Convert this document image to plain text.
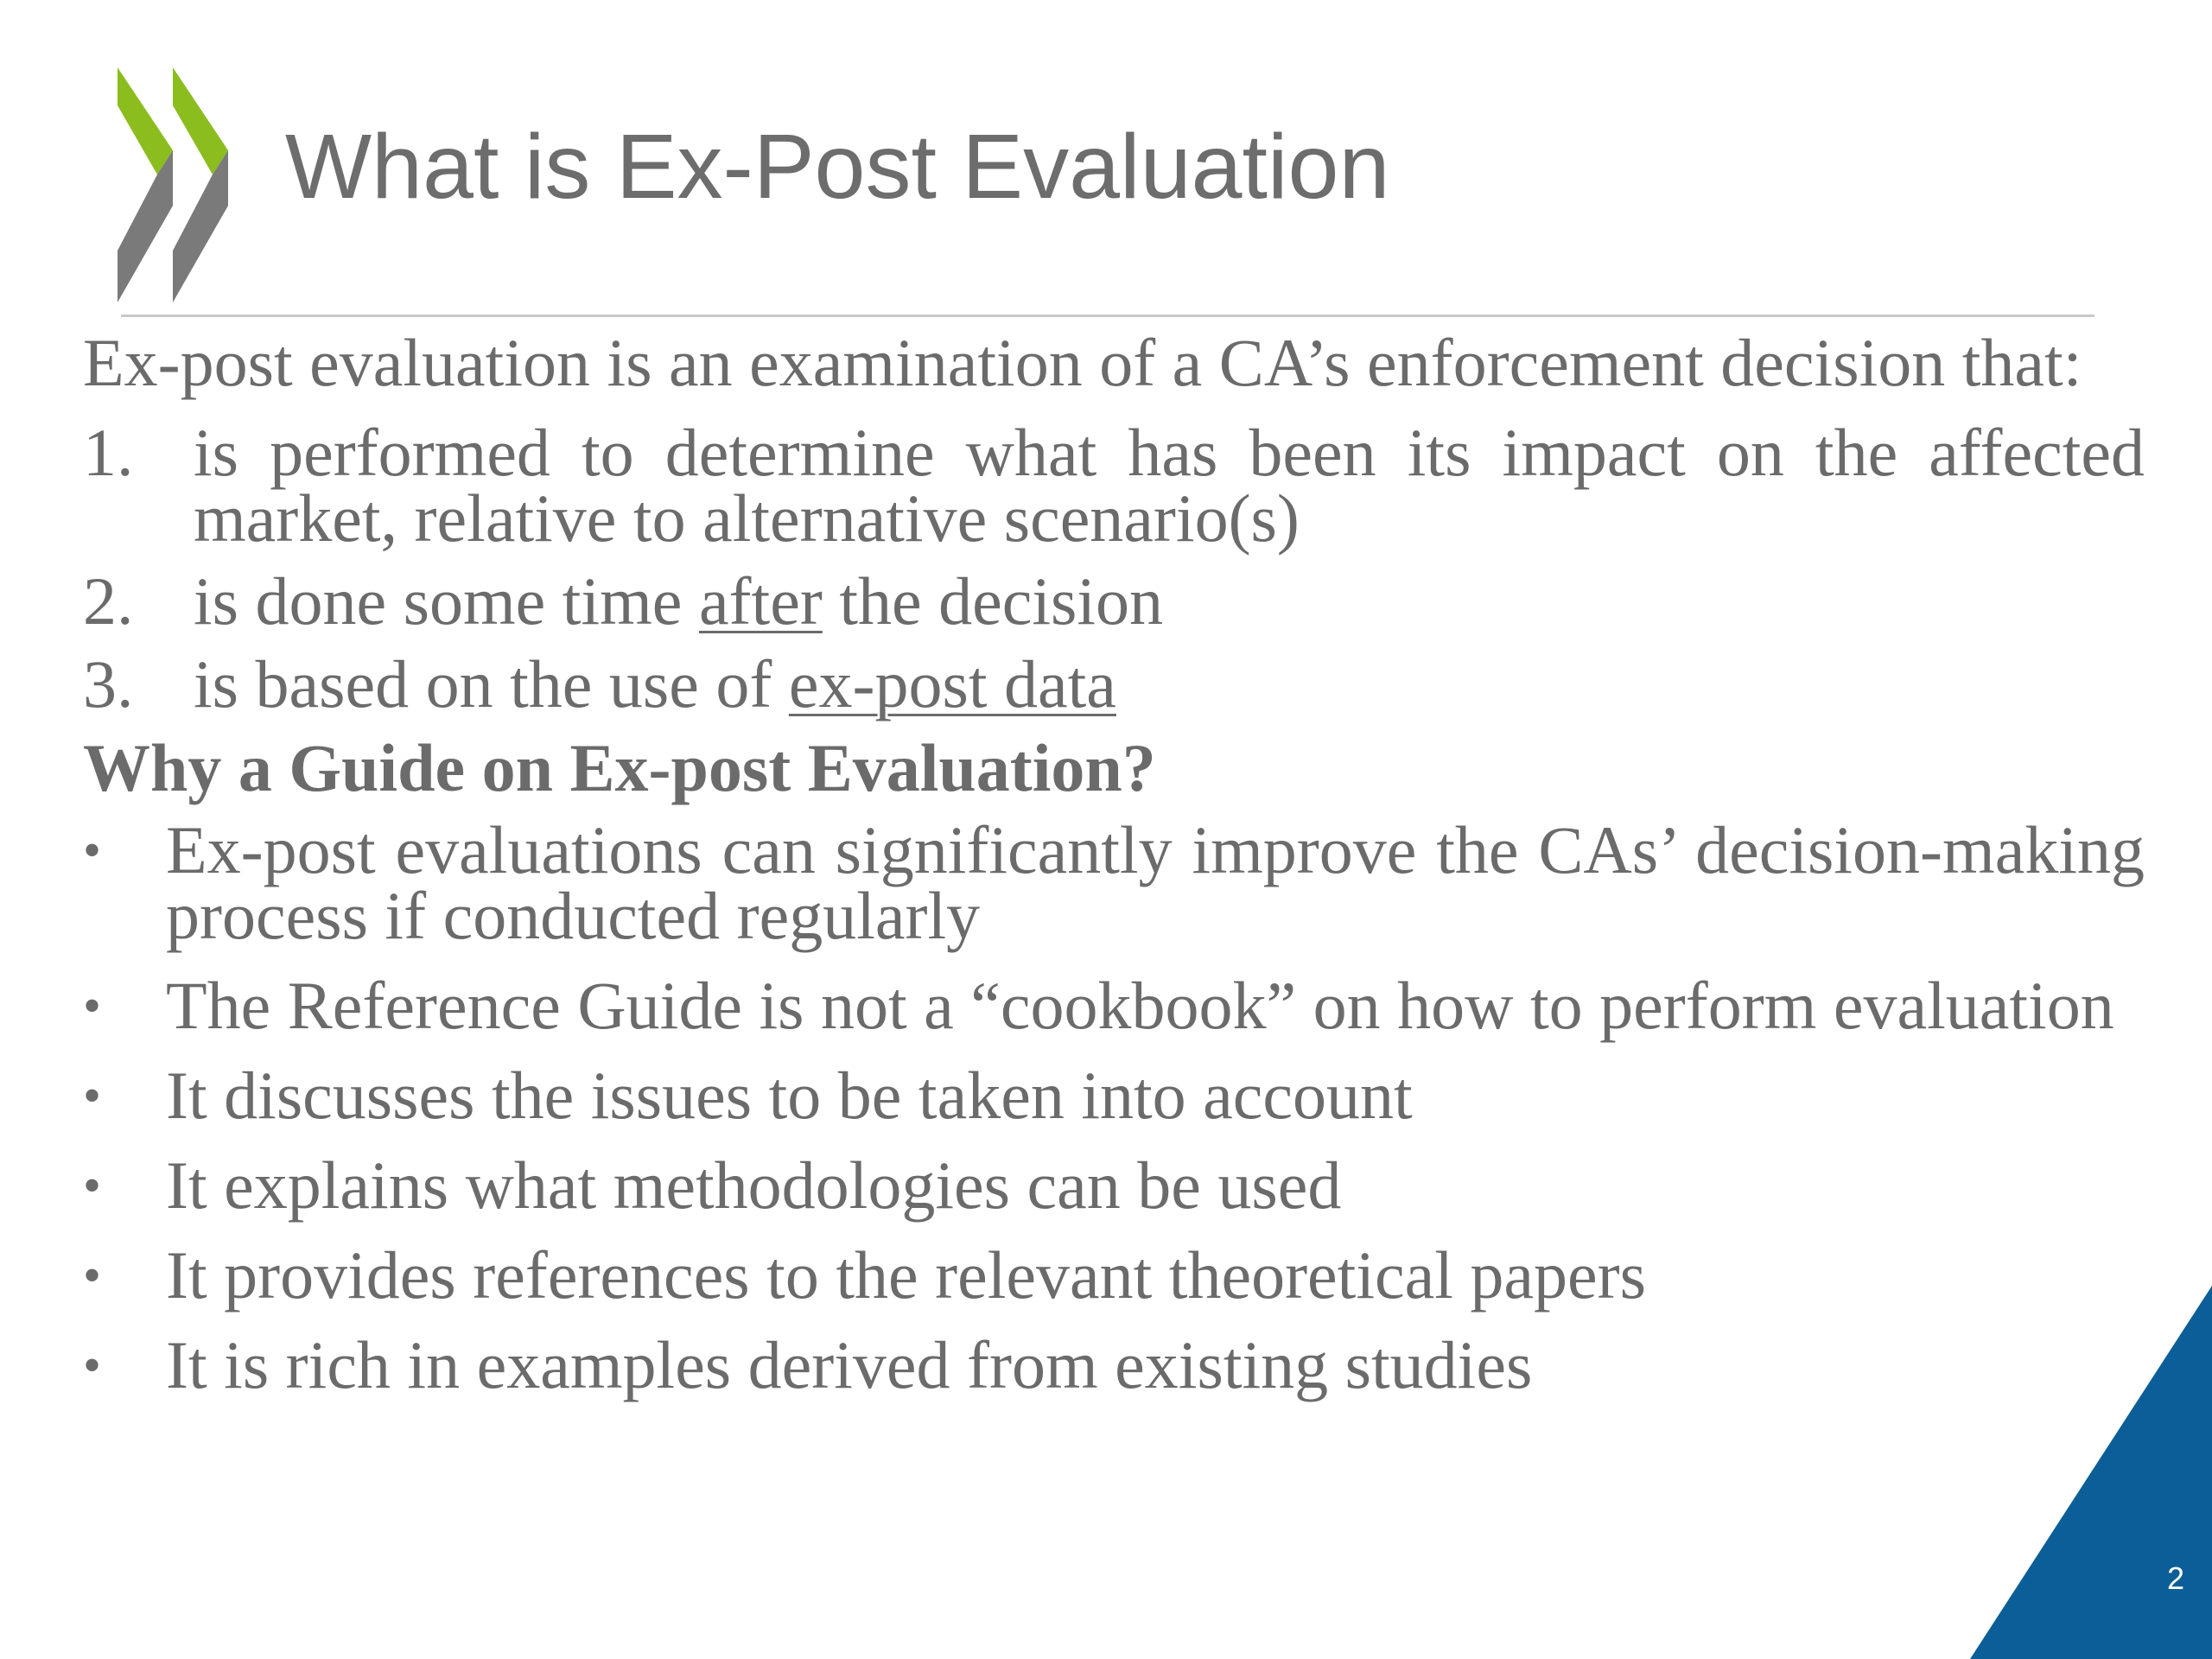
What is Ex-Post Evaluation

Ex-post evaluation is an examination of a CA’s enforcement decision that:

1. is performed to determine what has been its impact on the affected market, relative to alternative scenario(s)
2. is done some time after the decision
3. is based on the use of ex-post data
Why a Guide on Ex-post Evaluation?
• Ex-post evaluations can significantly improve the CAs’ decision-making process if conducted regularly
• The Reference Guide is not a “cookbook” on how to perform evaluation
• It discusses the issues to be taken into account
• It explains what methodologies can be used
• It provides references to the relevant theoretical papers
• It is rich in examples derived from existing studies
2
